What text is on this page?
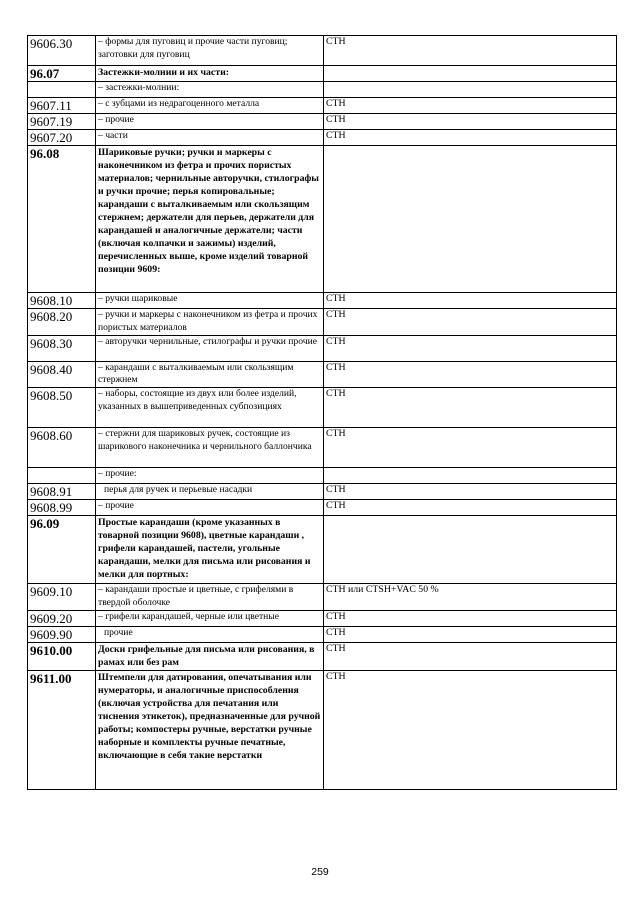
9606.30	– формы для пуговиц и прочие части пуговиц; заготовки для пуговиц	СТН
96.07	Застежки-молнии и их части:	
	– застежки-молнии:	
9607.11	– с зубцами из недрагоценного металла	СТН
9607.19	– прочие	СТН
9607.20	– части	СТН
96.08	Шариковые ручки; ручки и маркеры с наконечником из фетра и прочих пористых материалов; чернильные авторучки, стилографы и ручки прочие; перья копировальные; карандаши с выталкиваемым или скользящим стержнем; держатели для перьев, держатели для карандашей и аналогичные держатели; части (включая колпачки и зажимы) изделий, перечисленных выше, кроме изделий товарной позиции 9609:	
9608.10	– ручки шариковые	СТН
9608.20	– ручки и маркеры с наконечником из фетра и прочих пористых материалов	СТН
9608.30	– авторучки чернильные, стилографы и ручки прочие	СТН
9608.40	– карандаши с выталкиваемым или скользящим стержнем	СТН
9608.50	– наборы, состоящие из двух или более изделий, указанных в вышеприведенных субпозициях	СТН
9608.60	– стержни для шариковых ручек, состоящие из шарикового наконечника и чернильного баллончика	СТН
	– прочие:	
9608.91	перья для ручек и перьевые насадки	СТН
9608.99	– прочие	СТН
96.09	Простые карандаши (кроме указанных в товарной позиции 9608), цветные карандаши , грифели карандашей, пастели, угольные карандаши, мелки для письма или рисования и мелки для портных:	
9609.10	– карандаши простые и цветные, с грифелями в твердой оболочке	СТН или CTSH+VAC 50 %
9609.20	– грифели карандашей, черные или цветные	СТН
9609.90	прочие	СТН
9610.00	Доски грифельные для письма или рисования, в рамах или без рам	СТН
9611.00	Штемпели для датирования, опечатывания или нумераторы, и аналогичные приспособления (включая устройства для печатания или тиснения этикеток), предназначенные для ручной работы; компостеры ручные, верстатки ручные наборные и комплекты ручные печатные, включающие в себя такие верстатки	СТН
259
